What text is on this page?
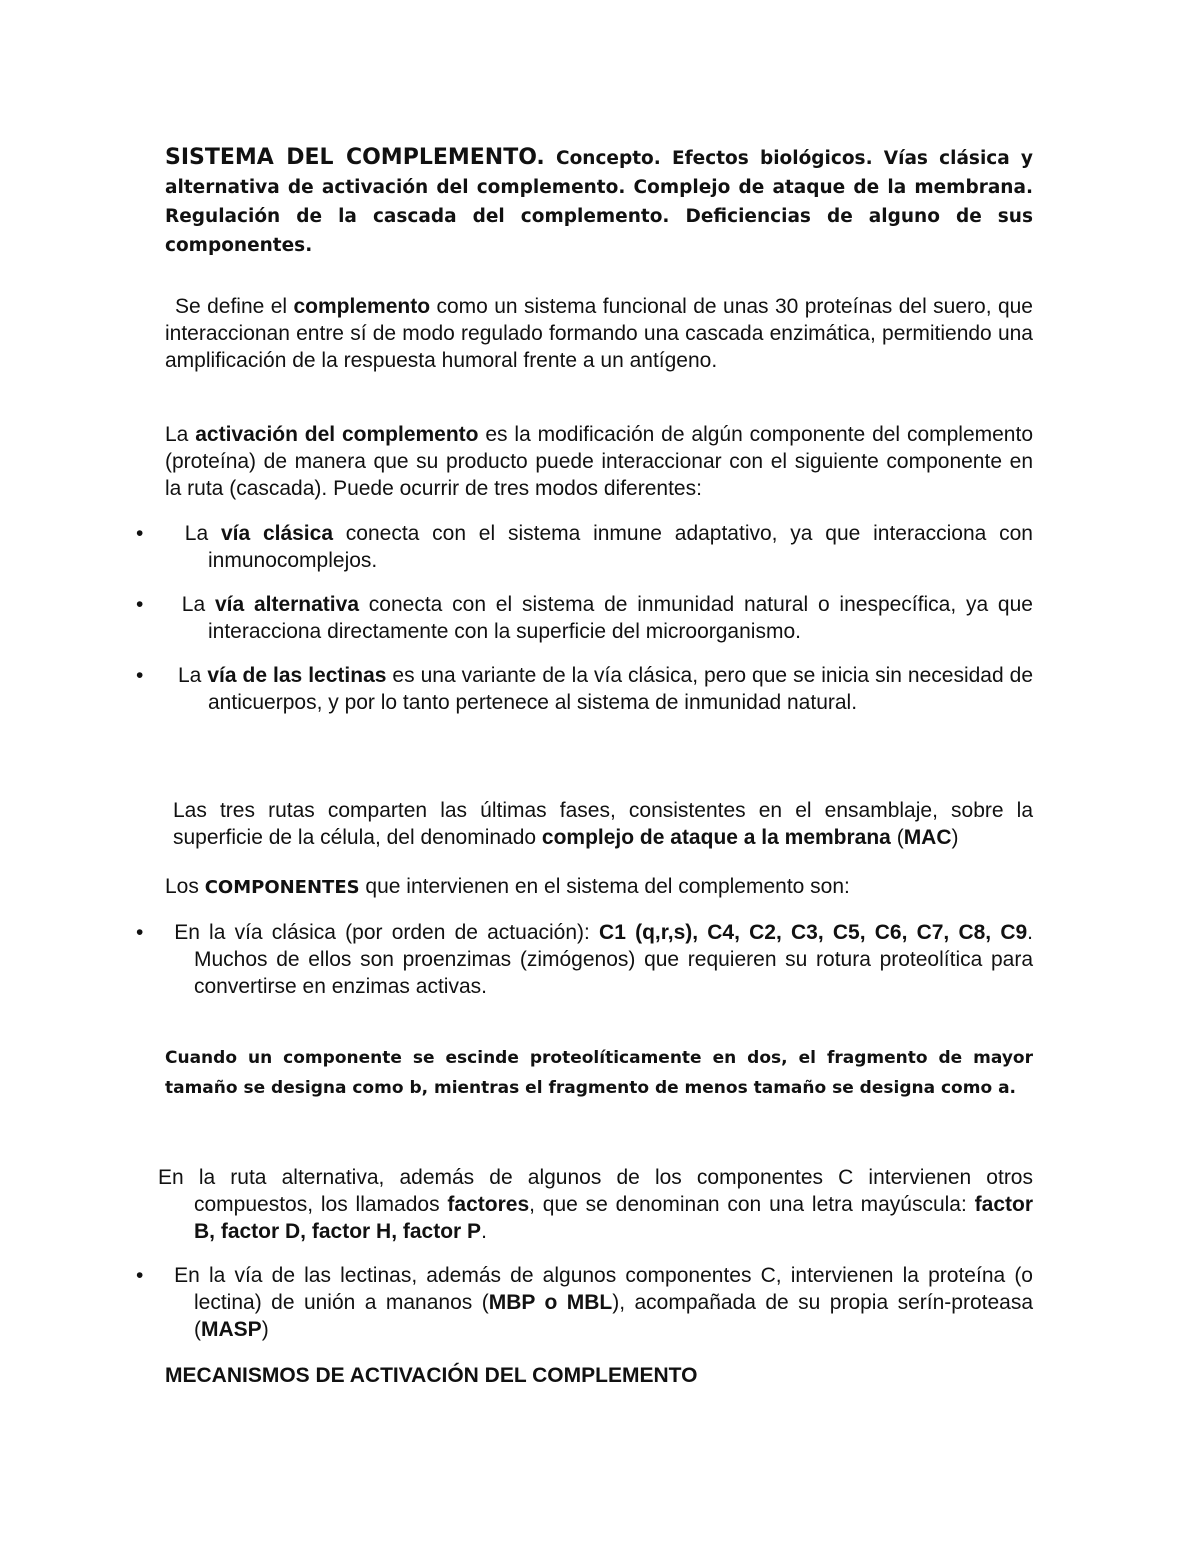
SISTEMA DEL COMPLEMENTO. Concepto. Efectos biológicos. Vías clásica y alternativa de activación del complemento. Complejo de ataque de la membrana. Regulación de la cascada del complemento. Deficiencias de alguno de sus componentes.

Se define el complemento como un sistema funcional de unas 30 proteínas del suero, que interaccionan entre sí de modo regulado formando una cascada enzimática, permitiendo una amplificación de la respuesta humoral frente a un antígeno.

La activación del complemento es la modificación de algún componente del complemento (proteína) de manera que su producto puede interaccionar con el siguiente componente en la ruta (cascada). Puede ocurrir de tres modos diferentes:

• La vía clásica conecta con el sistema inmune adaptativo, ya que interacciona con inmunocomplejos.

• La vía alternativa conecta con el sistema de inmunidad natural o inespecífica, ya que interacciona directamente con la superficie del microorganismo.

• La vía de las lectinas es una variante de la vía clásica, pero que se inicia sin necesidad de anticuerpos, y por lo tanto pertenece al sistema de inmunidad natural.

Las tres rutas comparten las últimas fases, consistentes en el ensamblaje, sobre la superficie de la célula, del denominado complejo de ataque a la membrana (MAC)

Los COMPONENTES que intervienen en el sistema del complemento son:

• En la vía clásica (por orden de actuación): C1 (q,r,s), C4, C2, C3, C5, C6, C7, C8, C9. Muchos de ellos son proenzimas (zimógenos) que requieren su rotura proteolítica para convertirse en enzimas activas.

Cuando un componente se escinde proteolíticamente en dos, el fragmento de mayor tamaño se designa como b, mientras el fragmento de menos tamaño se designa como a.

En la ruta alternativa, además de algunos de los componentes C intervienen otros compuestos, los llamados factores, que se denominan con una letra mayúscula: factor B, factor D, factor H, factor P.

• En la vía de las lectinas, además de algunos componentes C, intervienen la proteína (o lectina) de unión a mananos (MBP o MBL), acompañada de su propia serín-proteasa (MASP)

MECANISMOS DE ACTIVACIÓN DEL COMPLEMENTO
